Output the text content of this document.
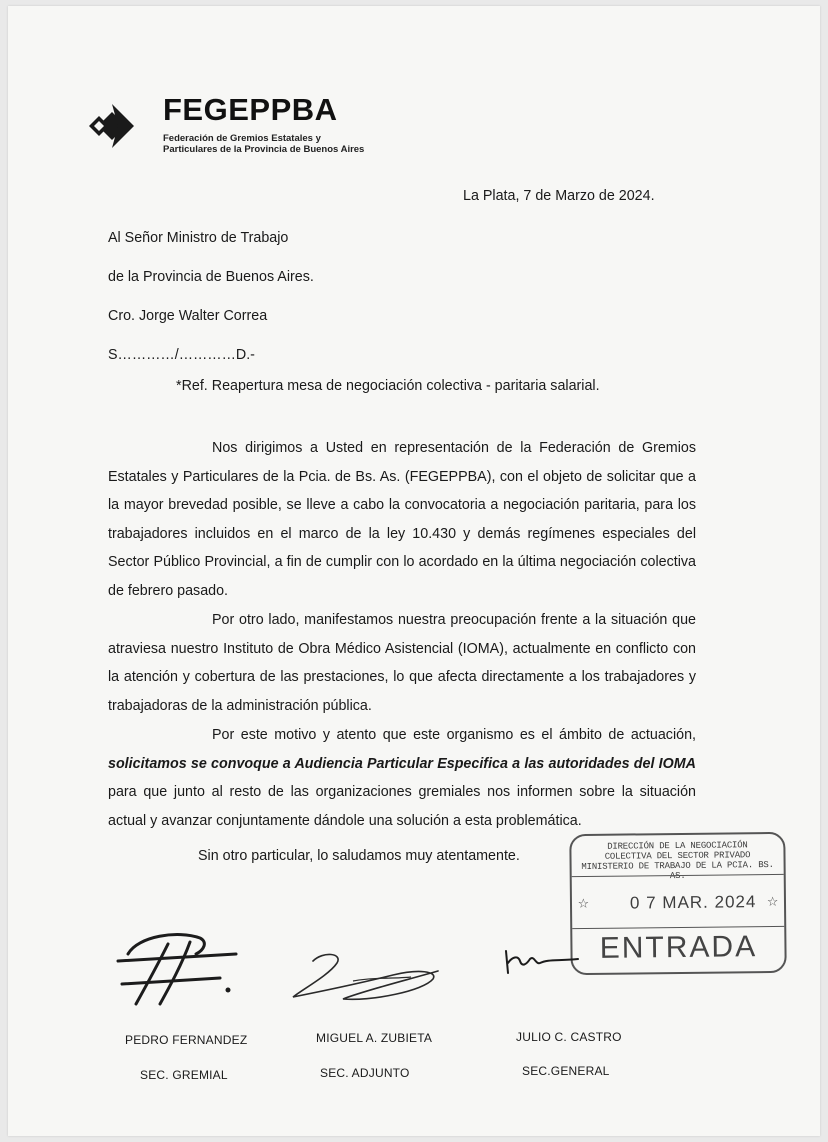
FEGEPPBA
Federación de Gremios Estatales y
Particulares de la Provincia de Buenos Aires
La Plata, 7 de Marzo de 2024.
Al Señor Ministro de Trabajo
de la Provincia de Buenos Aires.
Cro. Jorge Walter Correa
S…………/…………D.-
*Ref. Reapertura mesa de negociación colectiva - paritaria salarial.
Nos dirigimos a Usted en representación de la Federación de Gremios Estatales y Particulares de la Pcia. de Bs. As. (FEGEPPBA), con el objeto de solicitar que a la mayor brevedad posible, se lleve a cabo la convocatoria a negociación paritaria, para los trabajadores incluidos en el marco de la ley 10.430 y demás regímenes especiales del Sector Público Provincial, a fin de cumplir con lo acordado en la última negociación colectiva de febrero pasado.
Por otro lado, manifestamos nuestra preocupación frente a la situación que atraviesa nuestro Instituto de Obra Médico Asistencial (IOMA), actualmente en conflicto con la atención y cobertura de las prestaciones, lo que afecta directamente a los trabajadores y trabajadoras de la administración pública.
Por este motivo y atento que este organismo es el ámbito de actuación, solicitamos se convoque a Audiencia Particular Especifica a las autoridades del IOMA para que junto al resto de las organizaciones gremiales nos informen sobre la situación actual y avanzar conjuntamente dándole una solución a esta problemática.
Sin otro particular, lo saludamos muy atentamente.
DIRECCIÓN DE LA NEGOCIACIÓN
COLECTIVA DEL SECTOR PRIVADO
MINISTERIO DE TRABAJO DE LA PCIA. BS. AS.
☆ 0 7 MAR. 2024 ☆
ENTRADA
PEDRO FERNANDEZ
SEC. GREMIAL
MIGUEL A. ZUBIETA
SEC. ADJUNTO
JULIO C. CASTRO
SEC.GENERAL
